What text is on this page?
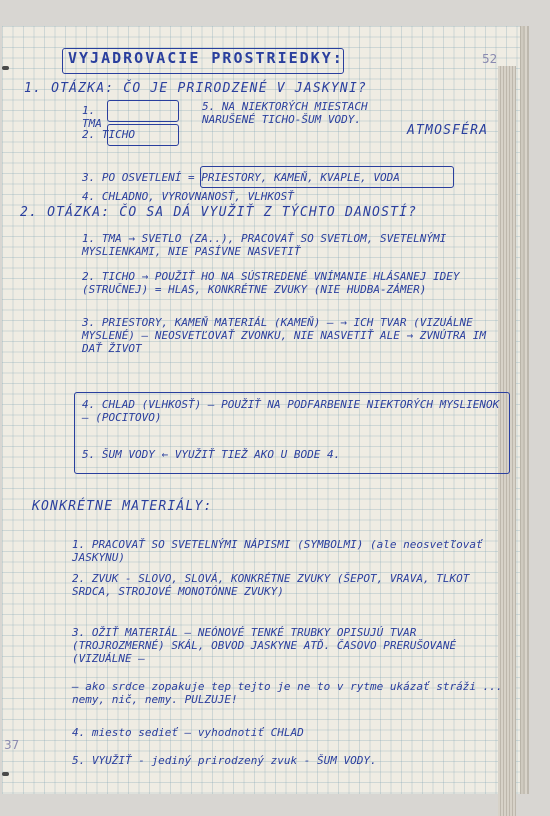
52
VYJADROVACIE PROSTRIEDKY:
1. OTÁZKA: ČO JE PRIRODZENÉ V JASKYNI?
1. TMA
2. TICHO
5. NA NIEKTORÝCH MIESTACH NARUŠENÉ TICHO-ŠUM VODY.
ATMOSFÉRA
3. PO OSVETLENÍ = PRIESTORY, KAMEŇ, KVAPLE, VODA
4. CHLADNO, VYROVNANOSŤ, VLHKOSŤ
2. OTÁZKA: ČO SA DÁ VYUŽIŤ Z TÝCHTO DANOSTÍ?
1. TMA → SVETLO (ZA..), PRACOVAŤ SO SVETLOM, SVETELNÝMI MYSLIENKAMI, NIE PASÍVNE NASVETIŤ
2. TICHO → POUŽIŤ HO NA SÚSTREDENÉ VNÍMANIE HLÁSANEJ IDEY (STRUČNEJ) = HLAS, KONKRÉTNE ZVUKY (NIE HUDBA-ZÁMER)
3. PRIESTORY, KAMEŇ MATERIÁL (KAMEŇ) — → ICH TVAR (VIZUÁLNE MYSLENÉ) — NEOSVETĽOVAŤ ZVONKU, NIE NASVETIŤ ALE → ZVNÚTRA IM DAŤ ŽIVOT
4. CHLAD (VLHKOSŤ) — POUŽIŤ NA PODFARBENIE NIEKTORÝCH MYSLIENOK — (POCITOVO)
5. ŠUM VODY ← VYUŽIŤ TIEŽ AKO U BODE 4.
KONKRÉTNE MATERIÁLY:
1. PRACOVAŤ SO SVETELNÝMI NÁPISMI (SYMBOLMI) (ale neosvetľovať JASKYNU)
2. ZVUK - SLOVO, SLOVÁ, KONKRÉTNE ZVUKY (ŠEPOT, VRAVA, TLKOT SRDCA, STROJOVÉ MONOTÓNNE ZVUKY)
3. OŽIŤ MATERIÁL — NEÓNOVÉ TENKÉ TRUBKY OPISUJÚ TVAR (TROJROZMERNÉ) SKÁL, OBVOD JASKYNE ATĎ. ČASOVO PRERUŠOVANÉ (VIZUÁLNE —
— ako srdce zopakuje tep tejto je ne to v rytme ukázať stráži ... nemy, nič, nemy. PULZUJE!
4. miesto sedieť — vyhodnotiť CHLAD
5. VYUŽIŤ - jediný prirodzený zvuk - ŠUM VODY.
37
